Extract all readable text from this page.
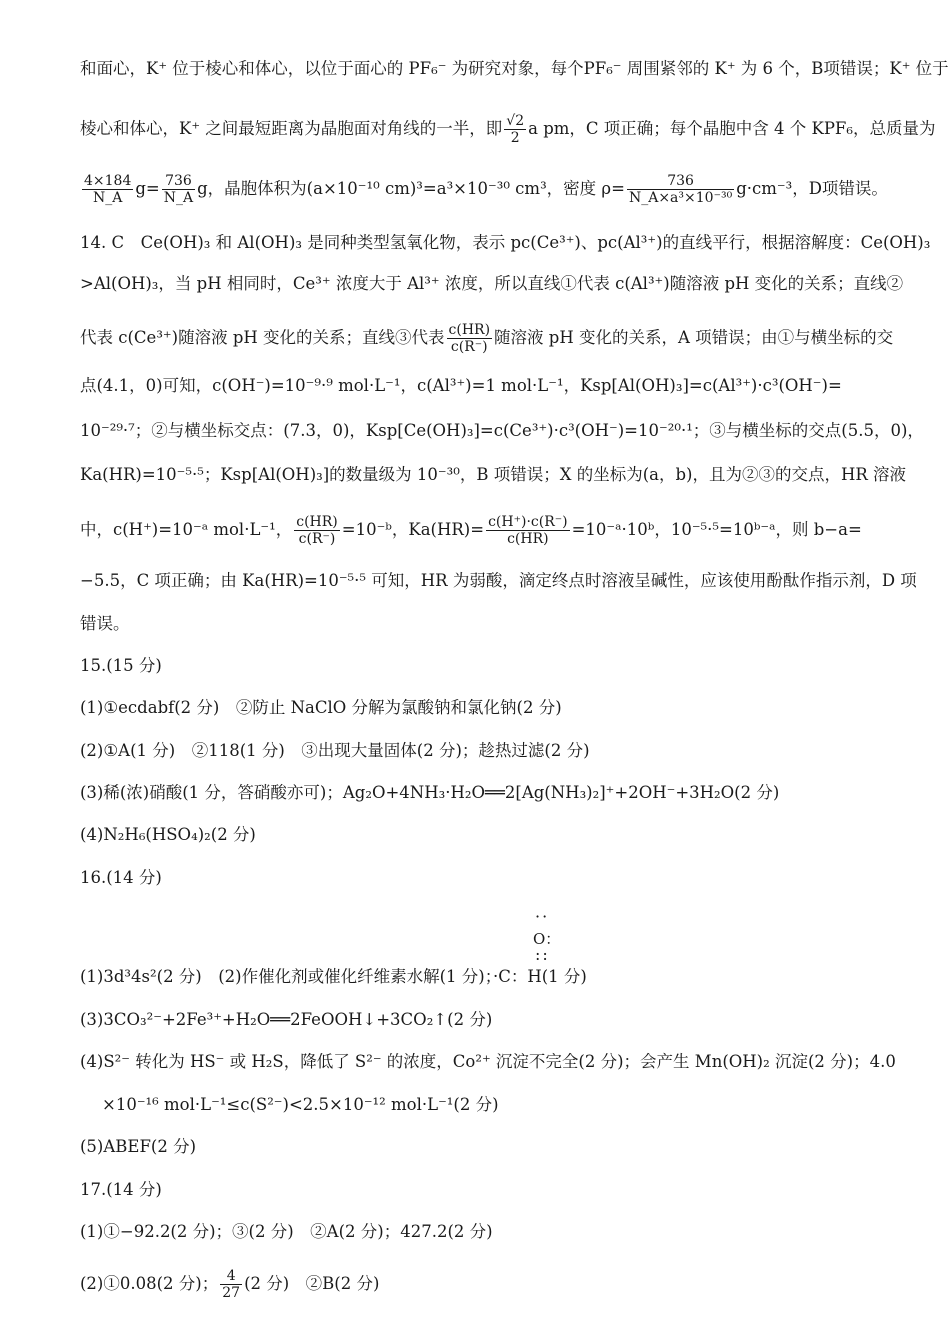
和面心，K⁺ 位于棱心和体心，以位于面心的 PF₆⁻ 为研究对象，每个PF₆⁻ 周围紧邻的 K⁺ 为 6 个，B项错误；K⁺ 位于
棱心和体心，K⁺ 之间最短距离为晶胞面对角线的一半，即 $\frac{√2}{2}$ a pm，C 项正确；每个晶胞中含 4 个 KPF₆，总质量为
$\frac{4\times 184}{N\_A} g= \frac{736}{N\_A}$ g，晶胞体积为(a×10⁻¹⁰ cm)³=a³×10⁻³⁰ cm³，密度 $\rho= \frac{736}{\text{N\_A×a³×10⁻³⁰}} g\cdot cm^{-3}$，D项错误。
14. C　Ce(OH)₃ 和 Al(OH)₃ 是同种类型氢氧化物，表示 pc(Ce³⁺)、pc(Al³⁺)的直线平行，根据溶解度：Ce(OH)₃
>Al(OH)₃，当 pH 相同时，Ce³⁺ 浓度大于 Al³⁺ 浓度，所以直线①代表 c(Al³⁺)随溶液 pH 变化的关系；直线②
代表 c(Ce³⁺)随溶液 pH 变化的关系；直线③代表 $\frac{c(HR)}{c(R^-)}$ 随溶液 pH 变化的关系，A 项错误；由①与横坐标的交
点(4.1，0)可知，c(OH⁻)=10⁻⁹·⁹ mol·L⁻¹，c(Al³⁺)=1 mol·L⁻¹，Ksp[Al(OH)₃]=c(Al³⁺)·c³(OH⁻)=
10⁻²⁹·⁷；②与横坐标交点：(7.3，0)，Ksp[Ce(OH)₃]=c(Ce³⁺)·c³(OH⁻)=10⁻²⁰·¹；③与横坐标的交点(5.5，0)，
Ka(HR)=10⁻⁵·⁵；Ksp[Al(OH)₃]的数量级为 10⁻³⁰，B 项错误；X 的坐标为(a，b)，且为②③的交点，HR 溶液
中，c(H⁺)=10⁻ᵃ mol·L⁻¹， $\frac{c(HR)}{c(R^-)}$ =10⁻ᵇ，$Ka(HR)= \frac{c(H^+)\cdot c(R^-)}{c(HR)}$ =10⁻ᵃ·10ᵇ，10⁻⁵·⁵=10ᵇ⁻ᵃ，则 b−a=
−5.5，C 项正确；由 Ka(HR)=10⁻⁵·⁵ 可知，HR 为弱酸，滴定终点时溶液呈碱性，应该使用酚酞作指示剂，D 项
错误。
15.(15 分)
(1)①ecdabf(2 分)　②防止 NaClO 分解为氯酸钠和氯化钠(2 分)
(2)①A(1 分)　②118(1 分)　③出现大量固体(2 分)；趁热过滤(2 分)
(3)稀(浓)硝酸(1 分，答硝酸亦可)；Ag₂O+4NH₃·H₂O══2[Ag(NH₃)₂]⁺+2OH⁻+3H₂O(2 分)
(4)N₂H₆(HSO₄)₂(2 分)
16.(14 分)
··
O：
::
(1)3d³4s²(2 分)　(2)作催化剂或催化纤维素水解(1 分)；·C：H(1 分)
(3)3CO₃²⁻+2Fe³⁺+H₂O══2FeOOH↓+3CO₂↑(2 分)
(4)S²⁻ 转化为 HS⁻ 或 H₂S，降低了 S²⁻ 的浓度，Co²⁺ 沉淀不完全(2 分)；会产生 Mn(OH)₂ 沉淀(2 分)；4.0
×10⁻¹⁶ mol·L⁻¹≤c(S²⁻)<2.5×10⁻¹² mol·L⁻¹(2 分)
(5)ABEF(2 分)
17.(14 分)
(1)①−92.2(2 分)；③(2 分)　②A(2 分)；427.2(2 分)
(2)①0.08(2 分)； $\frac{4}{27} (2$ 分)　②B(2 分)
